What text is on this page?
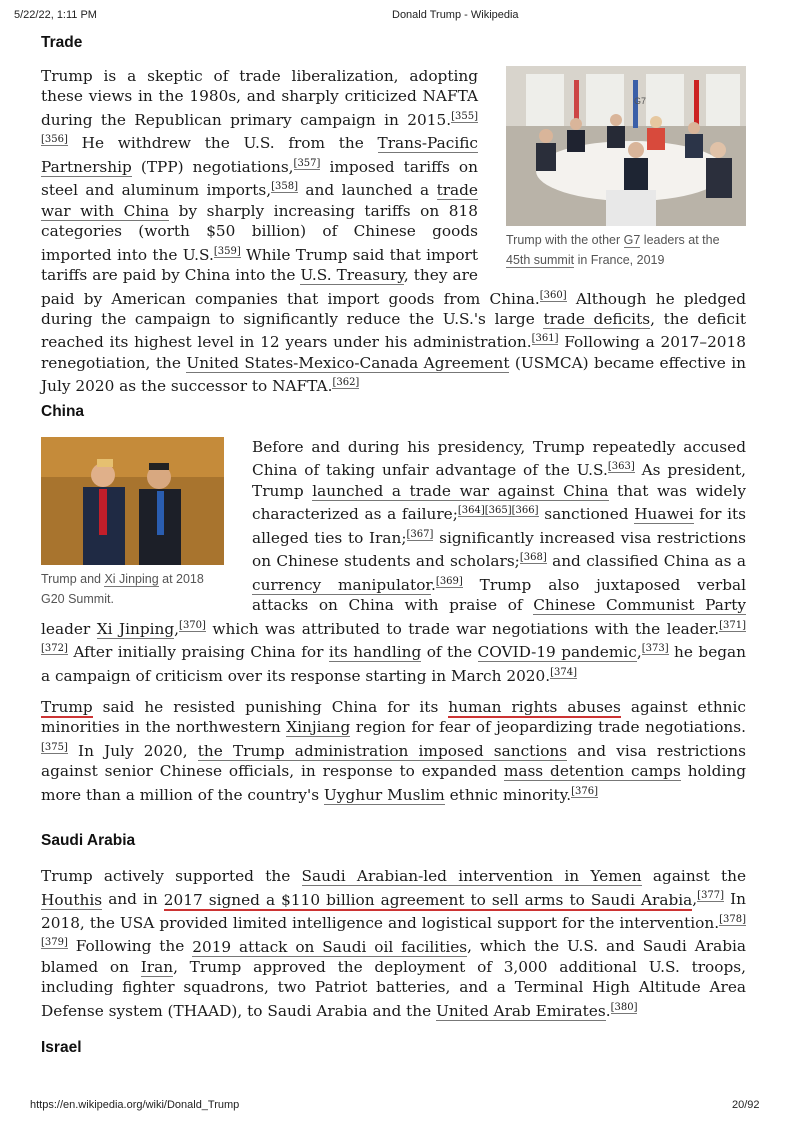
5/22/22, 1:11 PM	Donald Trump - Wikipedia
Trade
G7
Trump with the other G7 leaders at the 45th summit in France, 2019
Trump is a skeptic of trade liberalization, adopting these views in the 1980s, and sharply criticized NAFTA during the Republican primary campaign in 2015.[355][356] He withdrew the U.S. from the Trans-Pacific Partnership (TPP) negotiations,[357] imposed tariffs on steel and aluminum imports,[358] and launched a trade war with China by sharply increasing tariffs on 818 categories (worth $50 billion) of Chinese goods imported into the U.S.[359] While Trump said that import tariffs are paid by China into the U.S. Treasury, they are paid by American companies that import goods from China.[360] Although he pledged during the campaign to significantly reduce the U.S.'s large trade deficits, the deficit reached its highest level in 12 years under his administration.[361] Following a 2017–2018 renegotiation, the United States-Mexico-Canada Agreement (USMCA) became effective in July 2020 as the successor to NAFTA.[362]
China
Trump and Xi Jinping at 2018 G20 Summit.
Before and during his presidency, Trump repeatedly accused China of taking unfair advantage of the U.S.[363] As president, Trump launched a trade war against China that was widely characterized as a failure;[364][365][366] sanctioned Huawei for its alleged ties to Iran;[367] significantly increased visa restrictions on Chinese students and scholars;[368] and classified China as a currency manipulator.[369] Trump also juxtaposed verbal attacks on China with praise of Chinese Communist Party leader Xi Jinping,[370] which was attributed to trade war negotiations with the leader.[371][372] After initially praising China for its handling of the COVID-19 pandemic,[373] he began a campaign of criticism over its response starting in March 2020.[374]
Trump said he resisted punishing China for its human rights abuses against ethnic minorities in the northwestern Xinjiang region for fear of jeopardizing trade negotiations.[375] In July 2020, the Trump administration imposed sanctions and visa restrictions against senior Chinese officials, in response to expanded mass detention camps holding more than a million of the country's Uyghur Muslim ethnic minority.[376]
Saudi Arabia
Trump actively supported the Saudi Arabian-led intervention in Yemen against the Houthis and in 2017 signed a $110 billion agreement to sell arms to Saudi Arabia,[377] In 2018, the USA provided limited intelligence and logistical support for the intervention.[378][379] Following the 2019 attack on Saudi oil facilities, which the U.S. and Saudi Arabia blamed on Iran, Trump approved the deployment of 3,000 additional U.S. troops, including fighter squadrons, two Patriot batteries, and a Terminal High Altitude Area Defense system (THAAD), to Saudi Arabia and the United Arab Emirates.[380]
Israel
https://en.wikipedia.org/wiki/Donald_Trump	20/92
